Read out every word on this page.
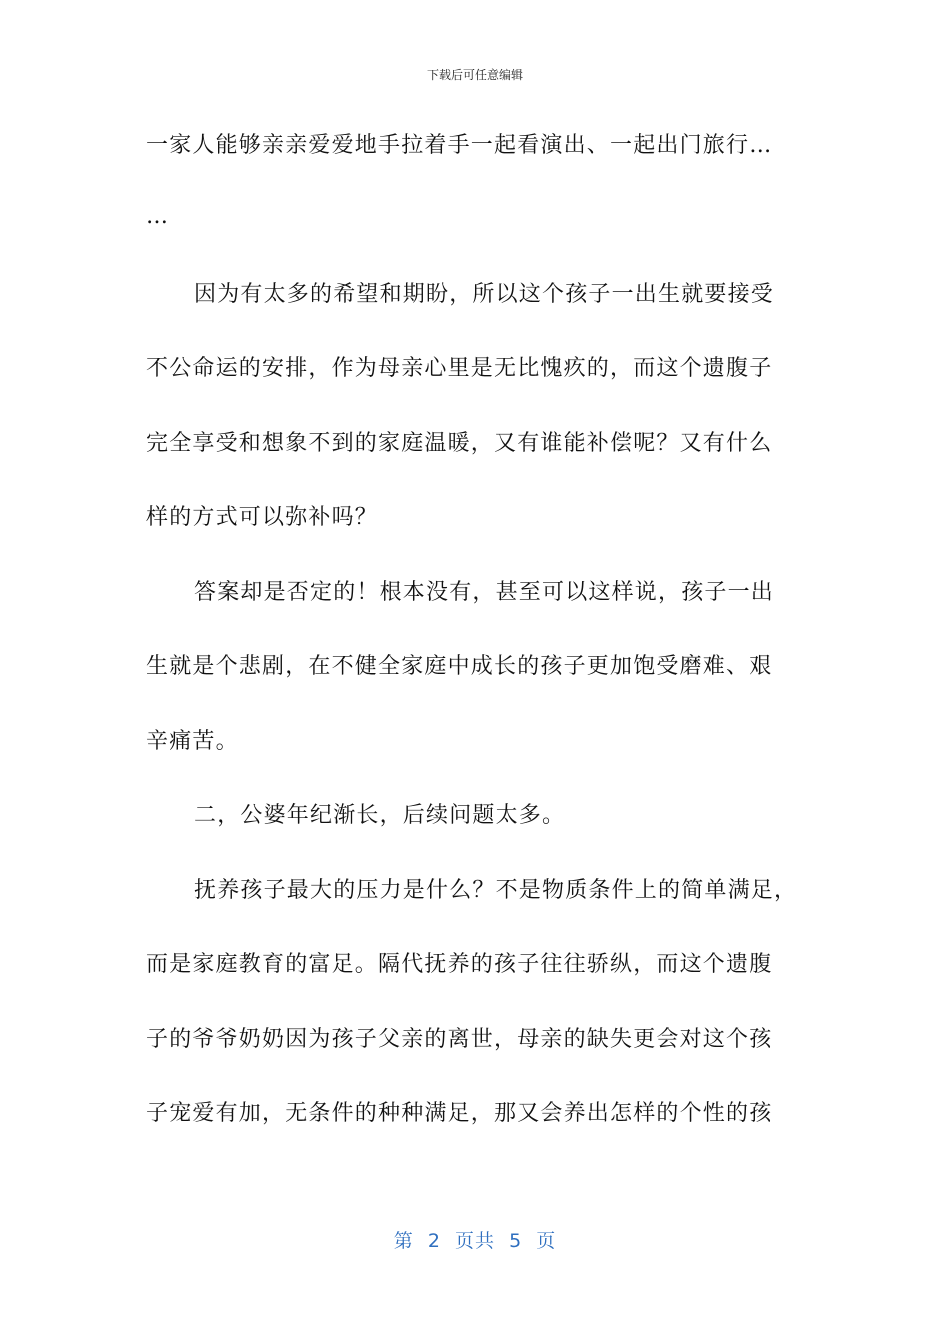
下载后可任意编辑
一家人能够亲亲爱爱地手拉着手一起看演出、一起出门旅行…
…
因为有太多的希望和期盼，所以这个孩子一出生就要接受
不公命运的安排，作为母亲心里是无比愧疚的，而这个遗腹子
完全享受和想象不到的家庭温暖，又有谁能补偿呢？又有什么
样的方式可以弥补吗？
答案却是否定的！根本没有，甚至可以这样说，孩子一出
生就是个悲剧，在不健全家庭中成长的孩子更加饱受磨难、艰
辛痛苦。
二，公婆年纪渐长，后续问题太多。
抚养孩子最大的压力是什么？不是物质条件上的简单满足，
而是家庭教育的富足。隔代抚养的孩子往往骄纵，而这个遗腹
子的爷爷奶奶因为孩子父亲的离世，母亲的缺失更会对这个孩
子宠爱有加，无条件的种种满足，那又会养出怎样的个性的孩
第  2  页共  5  页
